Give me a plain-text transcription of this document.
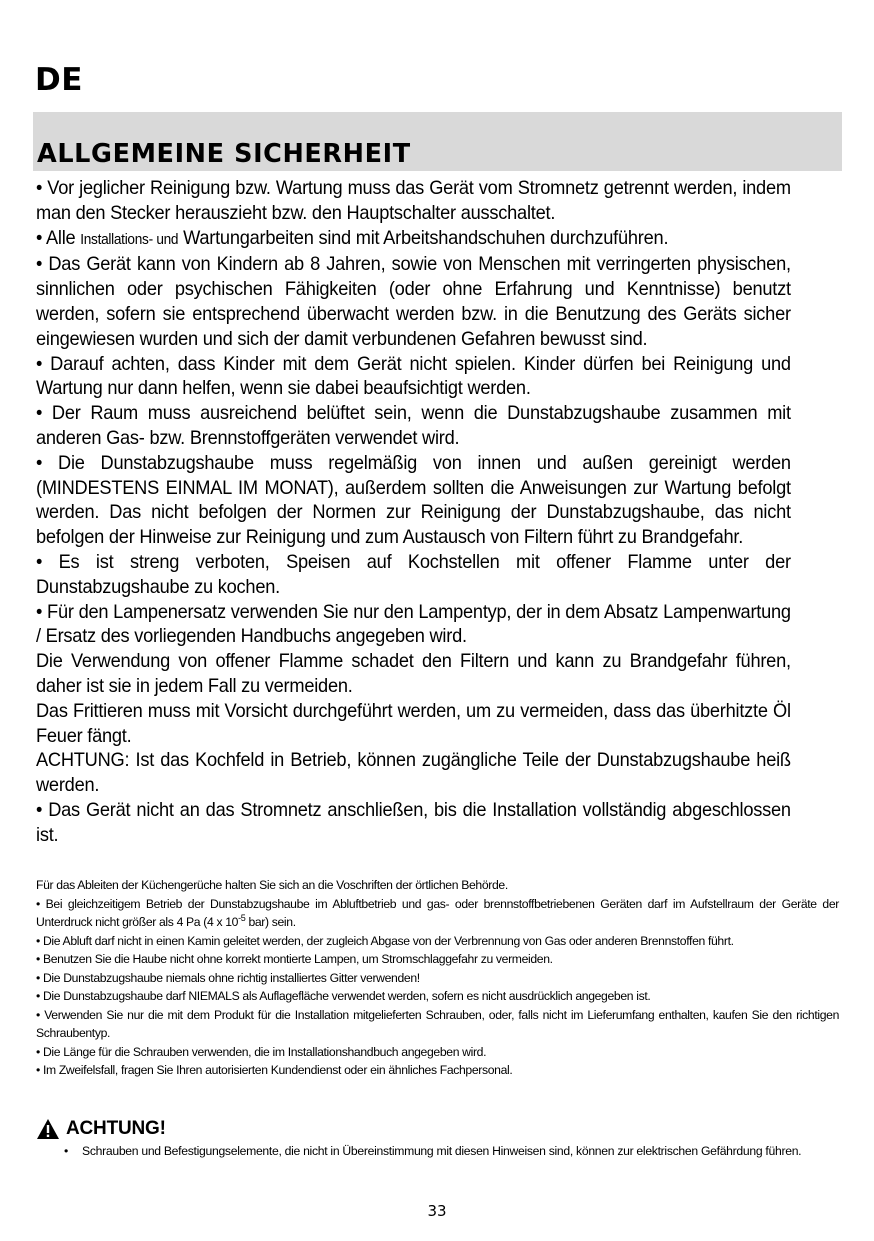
DE
ALLGEMEINE SICHERHEIT

• Vor jeglicher Reinigung bzw. Wartung muss das Gerät vom Stromnetz getrennt werden, indem man den Stecker herauszieht bzw. den Hauptschalter ausschaltet.

• Alle Installations- und Wartungarbeiten sind mit Arbeitshandschuhen durchzuführen.

• Das Gerät kann von Kindern ab 8 Jahren, sowie von Menschen mit verringerten physischen, sinnlichen oder psychischen Fähigkeiten (oder ohne Erfahrung und Kenntnisse) benutzt werden, sofern sie entsprechend überwacht werden bzw. in die Benutzung des Geräts sicher eingewiesen wurden und sich der damit verbundenen Gefahren bewusst sind.

• Darauf achten, dass Kinder mit dem Gerät nicht spielen. Kinder dürfen bei Reinigung und Wartung nur dann helfen, wenn sie dabei beaufsichtigt werden.

• Der Raum muss ausreichend belüftet sein, wenn die Dunstabzugshaube zusammen mit anderen Gas- bzw. Brennstoffgeräten verwendet wird.

• Die Dunstabzugshaube muss regelmäßig von innen und außen gereinigt werden (MINDESTENS EINMAL IM MONAT), außerdem sollten die Anweisungen zur Wartung befolgt werden. Das nicht befolgen der Normen zur Reinigung der Dunstabzugshaube, das nicht befolgen der Hinweise zur Reinigung und zum Austausch von Filtern führt zu Brandgefahr.

• Es ist streng verboten, Speisen auf Kochstellen mit offener Flamme unter der Dunstabzugshaube zu kochen.

• Für den Lampenersatz verwenden Sie nur den Lampentyp, der in dem Absatz Lampenwartung / Ersatz des vorliegenden Handbuchs angegeben wird.

Die Verwendung von offener Flamme schadet den Filtern und kann zu Brandgefahr führen, daher ist sie in jedem Fall zu vermeiden.

Das Frittieren muss mit Vorsicht durchgeführt werden, um zu vermeiden, dass das überhitzte Öl Feuer fängt.

ACHTUNG: Ist das Kochfeld in Betrieb, können zugängliche Teile der Dunstabzugshaube heiß werden.

• Das Gerät nicht an das Stromnetz anschließen, bis die Installation vollständig abgeschlossen ist.

Für das Ableiten der Küchengerüche halten Sie sich an die Voschriften der örtlichen Behörde.

• Bei gleichzeitigem Betrieb der Dunstabzugshaube im Abluftbetrieb und gas- oder brennstoffbetriebenen Geräten darf im Aufstellraum der Geräte der Unterdruck nicht größer als 4 Pa (4 x $10^{-5}$ bar) sein.

• Die Abluft darf nicht in einen Kamin geleitet werden, der zugleich Abgase von der Verbrennung von Gas oder anderen Brennstoffen führt.

• Benutzen Sie die Haube nicht ohne korrekt montierte Lampen, um Stromschlaggefahr zu vermeiden.

• Die Dunstabzugshaube niemals ohne richtig installiertes Gitter verwenden!

• Die Dunstabzugshaube darf NIEMALS als Auflagefläche verwendet werden, sofern es nicht ausdrücklich angegeben ist.

• Verwenden Sie nur die mit dem Produkt für die Installation mitgelieferten Schrauben, oder, falls nicht im Lieferumfang enthalten, kaufen Sie den richtigen Schraubentyp.

• Die Länge für die Schrauben verwenden, die im Installationshandbuch angegeben wird.

• Im Zweifelsfall, fragen Sie Ihren autorisierten Kundendienst oder ein ähnliches Fachpersonal.

ACHTUNG!
• Schrauben und Befestigungselemente, die nicht in Übereinstimmung mit diesen Hinweisen sind, können zur elektrischen Gefährdung führen.
33
